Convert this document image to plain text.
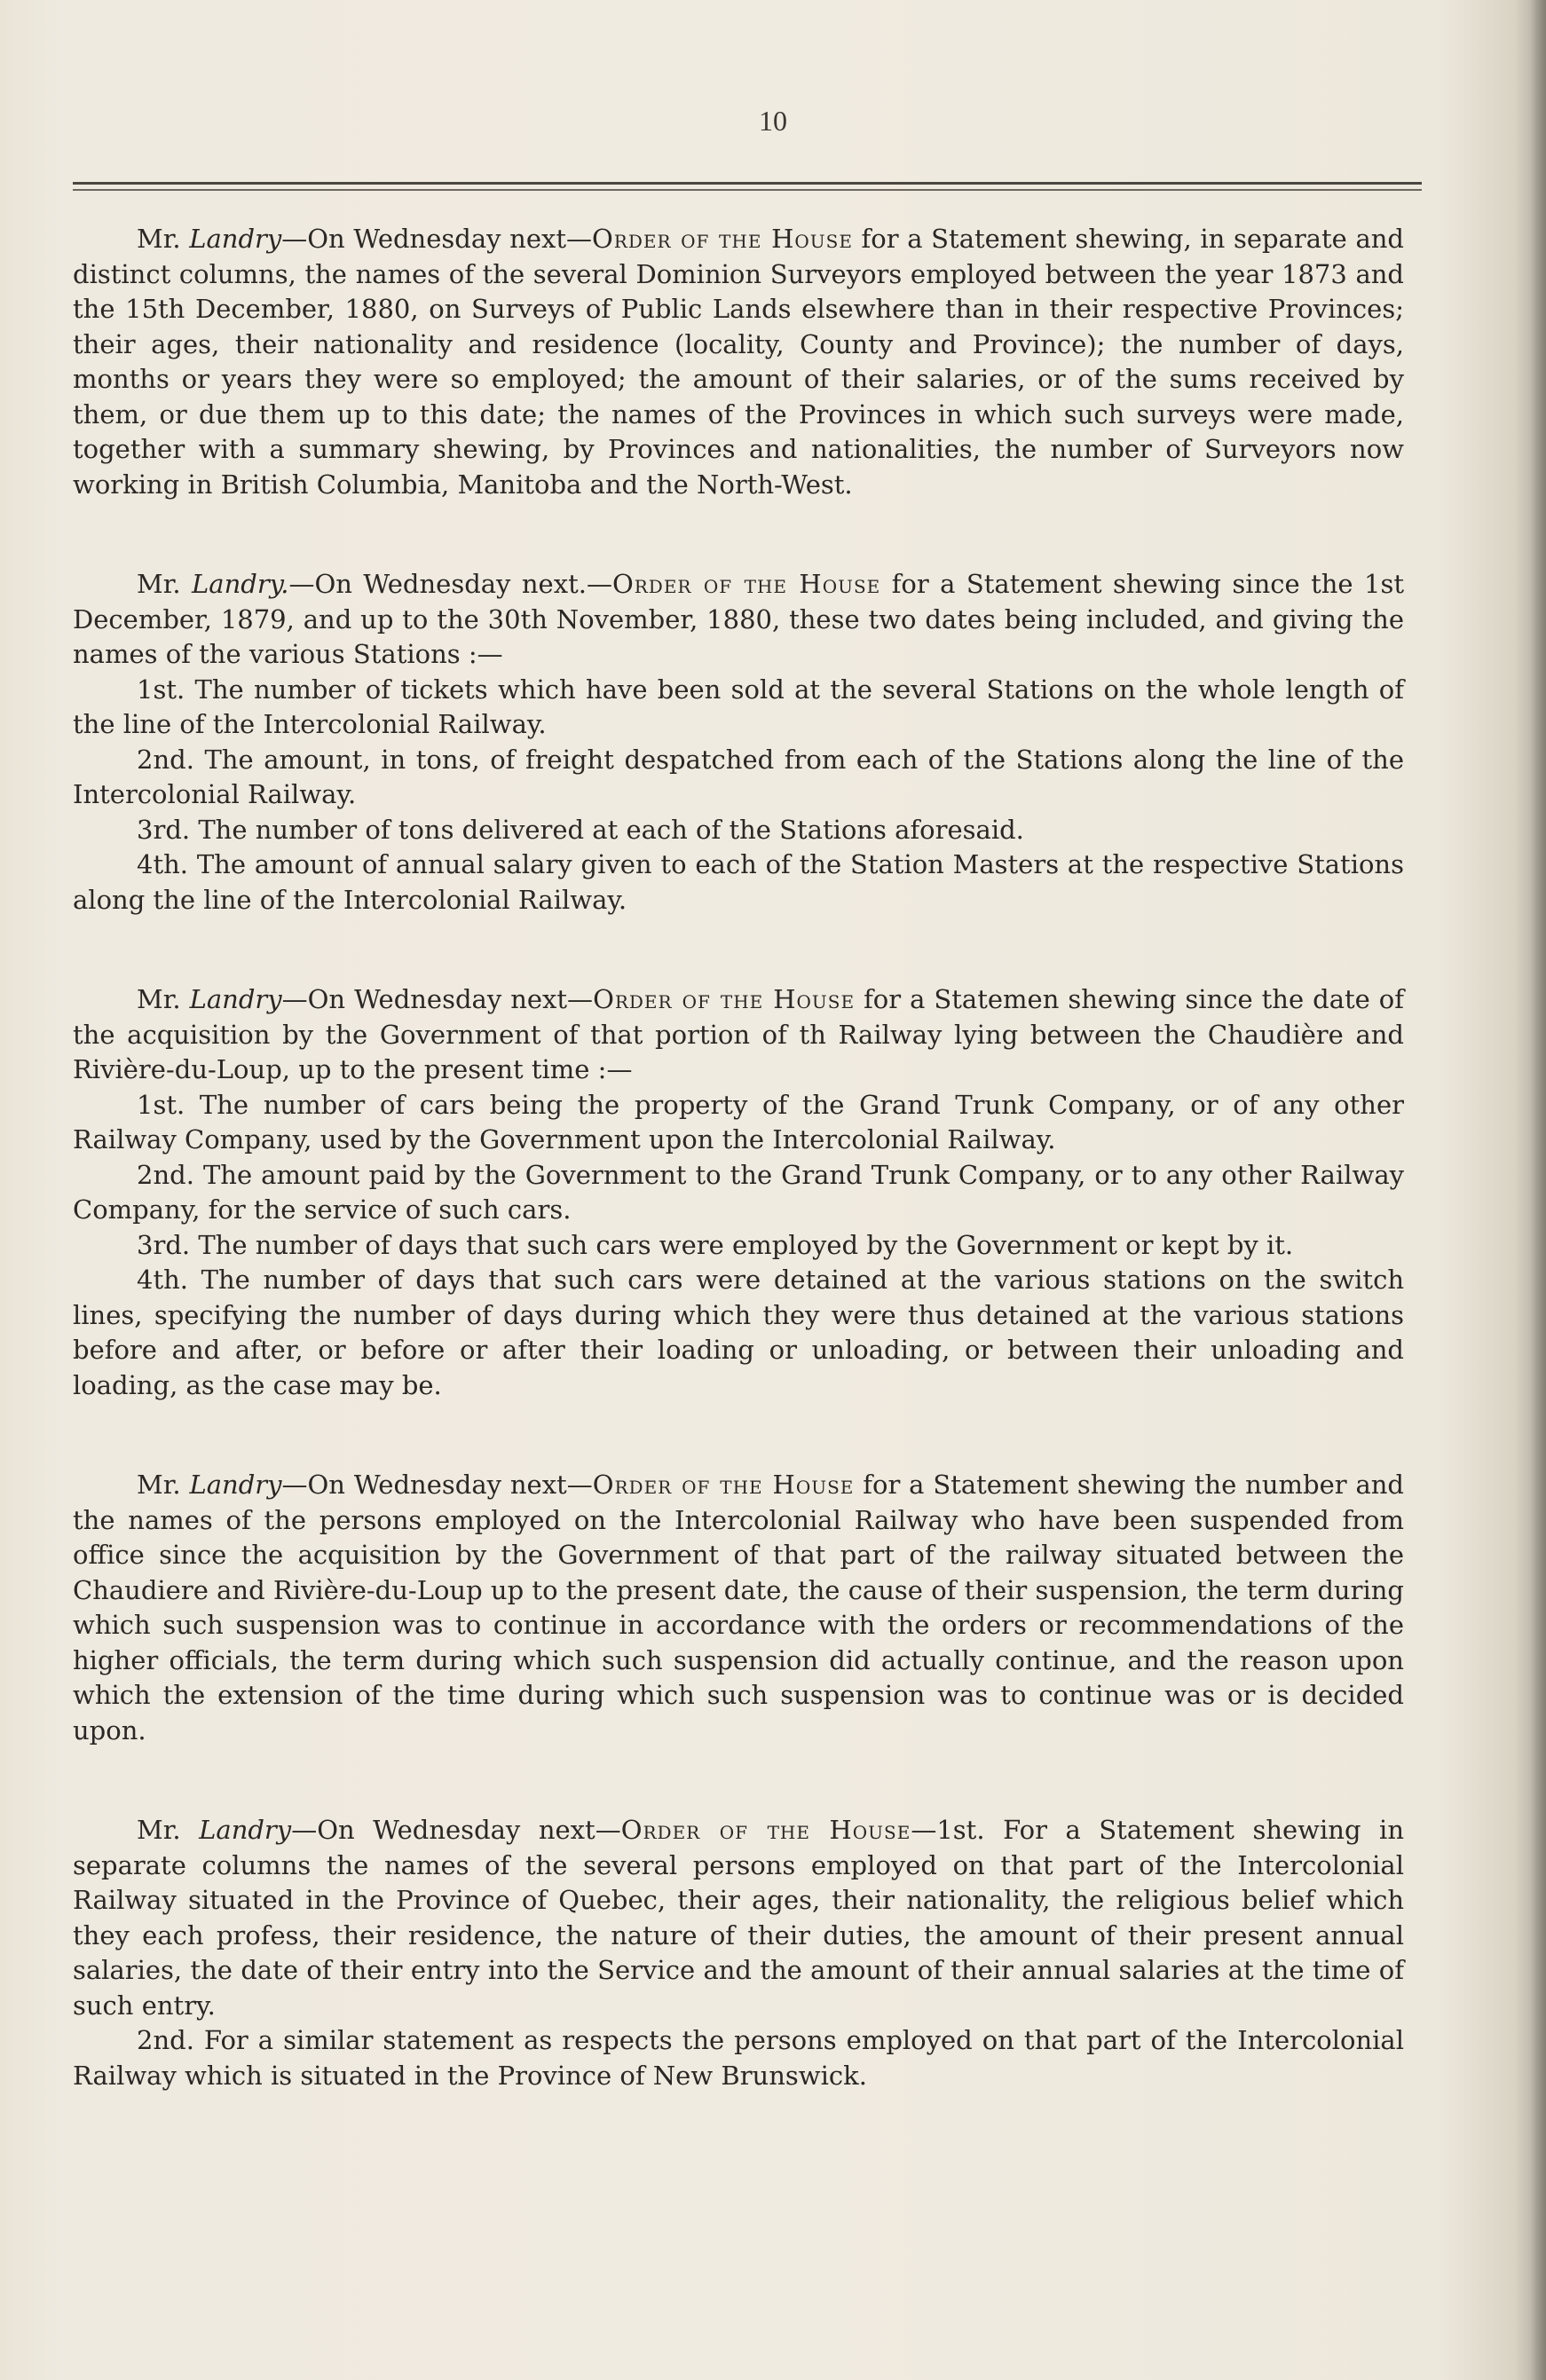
10

Mr. Landry—On Wednesday next—Order of the House for a Statement shewing, in separate and distinct columns, the names of the several Dominion Surveyors employed between the year 1873 and the 15th December, 1880, on Surveys of Public Lands elsewhere than in their respective Provinces; their ages, their nationality and residence (locality, County and Province); the number of days, months or years they were so employed; the amount of their salaries, or of the sums received by them, or due them up to this date; the names of the Provinces in which such surveys were made, together with a summary shewing, by Provinces and nationalities, the number of Surveyors now working in British Columbia, Manitoba and the North-West.

Mr. Landry.—On Wednesday next.—Order of the House for a Statement shewing since the 1st December, 1879, and up to the 30th November, 1880, these two dates being included, and giving the names of the various Stations :—

1st. The number of tickets which have been sold at the several Stations on the whole length of the line of the Intercolonial Railway.

2nd. The amount, in tons, of freight despatched from each of the Stations along the line of the Intercolonial Railway.

3rd. The number of tons delivered at each of the Stations aforesaid.

4th. The amount of annual salary given to each of the Station Masters at the respective Stations along the line of the Intercolonial Railway.

Mr. Landry—On Wednesday next—Order of the House for a Statemen shewing since the date of the acquisition by the Government of that portion of th Railway lying between the Chaudière and Rivière-du-Loup, up to the present time :—

1st. The number of cars being the property of the Grand Trunk Company, or of any other Railway Company, used by the Government upon the Intercolonial Railway.

2nd. The amount paid by the Government to the Grand Trunk Company, or to any other Railway Company, for the service of such cars.

3rd. The number of days that such cars were employed by the Government or kept by it.

4th. The number of days that such cars were detained at the various stations on the switch lines, specifying the number of days during which they were thus detained at the various stations before and after, or before or after their loading or unloading, or between their unloading and loading, as the case may be.

Mr. Landry—On Wednesday next—Order of the House for a Statement shewing the number and the names of the persons employed on the Intercolonial Railway who have been suspended from office since the acquisition by the Government of that part of the railway situated between the Chaudiere and Rivière-du-Loup up to the present date, the cause of their suspension, the term during which such suspension was to continue in accordance with the orders or recommendations of the higher officials, the term during which such suspension did actually continue, and the reason upon which the extension of the time during which such suspension was to continue was or is decided upon.

Mr. Landry—On Wednesday next—Order of the House—1st. For a Statement shewing in separate columns the names of the several persons employed on that part of the Intercolonial Railway situated in the Province of Quebec, their ages, their nationality, the religious belief which they each profess, their residence, the nature of their duties, the amount of their present annual salaries, the date of their entry into the Service and the amount of their annual salaries at the time of such entry.

2nd. For a similar statement as respects the persons employed on that part of the Intercolonial Railway which is situated in the Province of New Brunswick.
